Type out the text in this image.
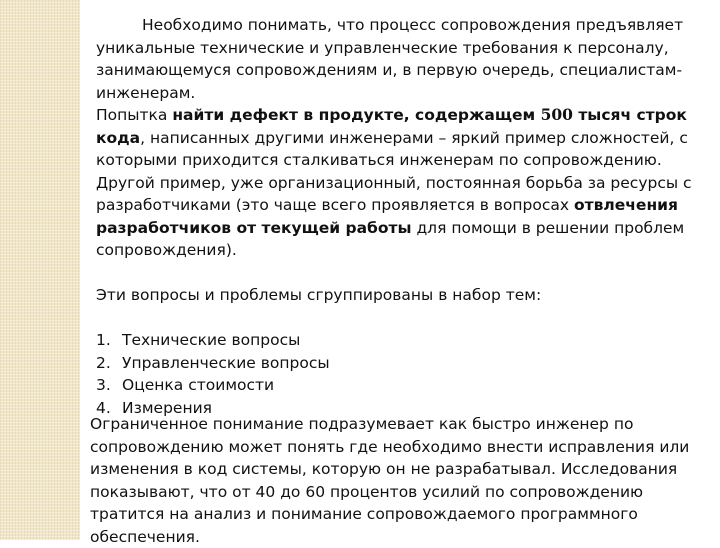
Необходимо понимать, что процесс сопровождения предъявляет уникальные технические и управленческие требования к персоналу, занимающемуся сопровождениям и, в первую очередь, специалистам-инженерам.

Попытка найти дефект в продукте, содержащем 500 тысяч строк кода, написанных другими инженерами – яркий пример сложностей, с которыми приходится сталкиваться инженерам по сопровождению.

Другой пример, уже организационный, постоянная борьба за ресурсы с разработчиками (это чаще всего проявляется в вопросах отвлечения разработчиков от текущей работы для помощи в решении проблем сопровождения).

Эти вопросы и проблемы сгруппированы в набор тем:

1. Технические вопросы
2. Управленческие вопросы
3. Оценка стоимости
4. Измерения

Ограниченное понимание подразумевает как быстро инженер по сопровождению может понять где необходимо внести исправления или изменения в код системы, которую он не разрабатывал. Исследования показывают, что от 40 до 60 процентов усилий по сопровождению тратится на анализ и понимание сопровождаемого программного обеспечения.
